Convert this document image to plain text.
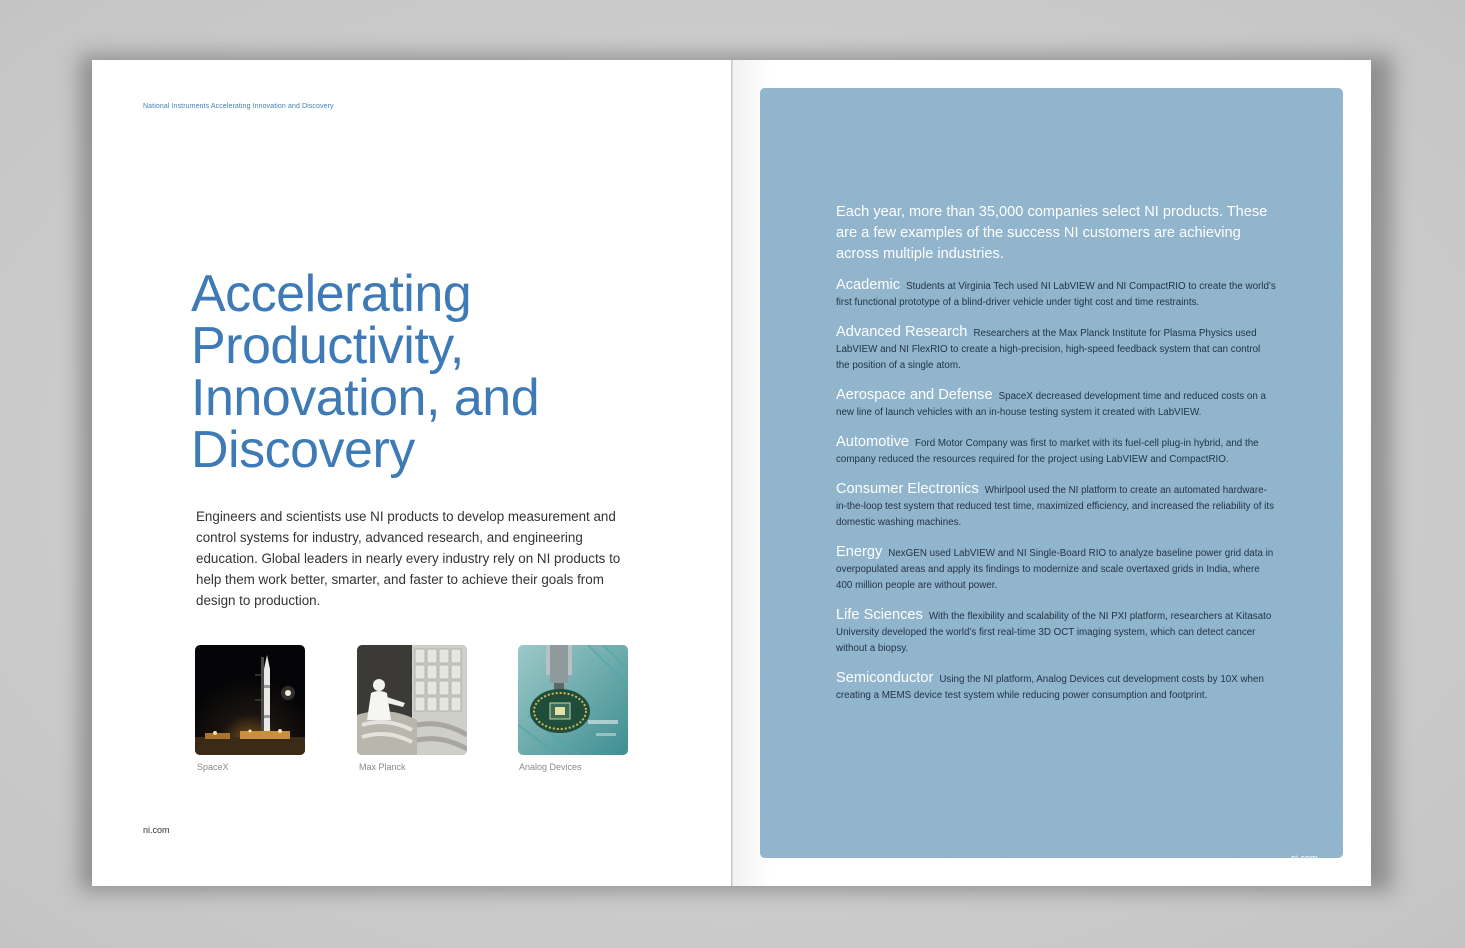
National Instruments Accelerating Innovation and Discovery
Accelerating
Productivity,
Innovation, and
Discovery

Engineers and scientists use NI products to develop measurement and control systems for industry, advanced research, and engineering education. Global leaders in nearly every industry rely on NI products to help them work better, smarter, and faster to achieve their goals from design to production.

SpaceX	Max Planck	Analog Devices
ni.com

Each year, more than 35,000 companies select NI products. These are a few examples of the success NI customers are achieving across multiple industries.

Academic Students at Virginia Tech used NI LabVIEW and NI CompactRIO to create the world’s first functional prototype of a blind-driver vehicle under tight cost and time restraints.

Advanced Research Researchers at the Max Planck Institute for Plasma Physics used LabVIEW and NI FlexRIO to create a high-precision, high-speed feedback system that can control the position of a single atom.

Aerospace and Defense SpaceX decreased development time and reduced costs on a new line of launch vehicles with an in-house testing system it created with LabVIEW.

Automotive Ford Motor Company was first to market with its fuel-cell plug-in hybrid, and the company reduced the resources required for the project using LabVIEW and CompactRIO.

Consumer Electronics Whirlpool used the NI platform to create an automated hardware-in-the-loop test system that reduced test time, maximized efficiency, and increased the reliability of its domestic washing machines.

Energy NexGEN used LabVIEW and NI Single-Board RIO to analyze baseline power grid data in overpopulated areas and apply its findings to modernize and scale overtaxed grids in India, where 400 million people are without power.

Life Sciences With the flexibility and scalability of the NI PXI platform, researchers at Kitasato University developed the world’s first real-time 3D OCT imaging system, which can detect cancer without a biopsy.

Semiconductor Using the NI platform, Analog Devices cut development costs by 10X when creating a MEMS device test system while reducing power consumption and footprint.

ni.com
